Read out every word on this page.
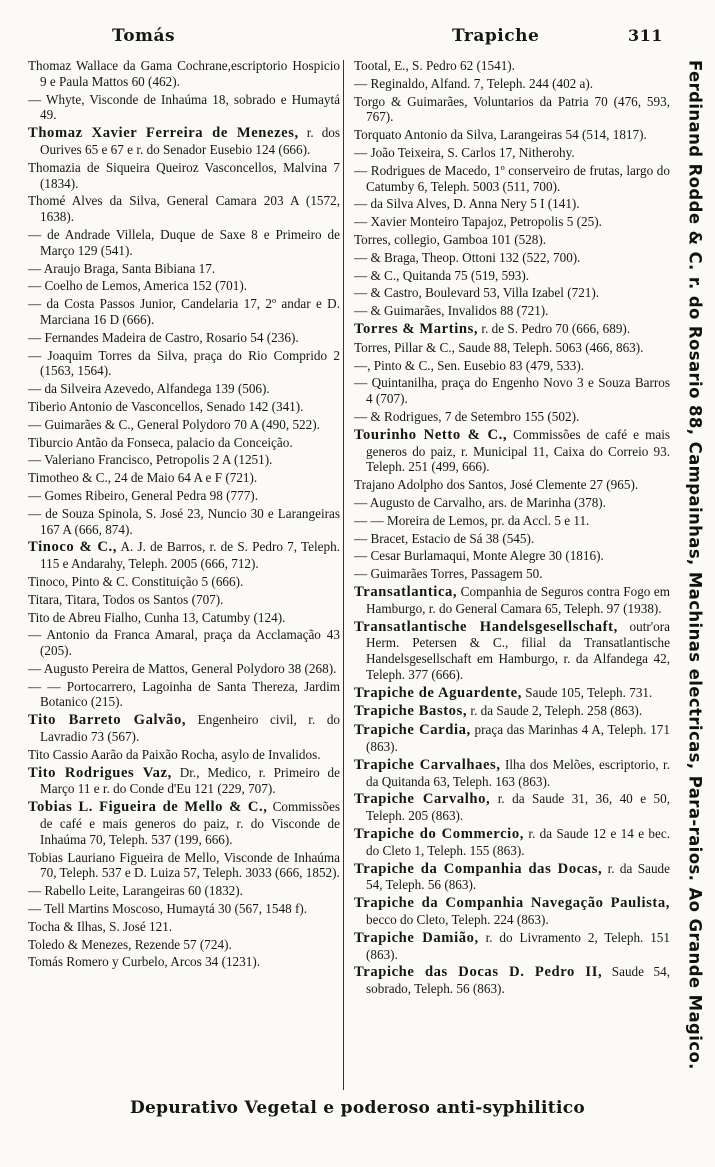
Tomás	Trapiche	311

Thomaz Wallace da Gama Cochrane,escriptorio Hospicio 9 e Paula Mattos 60 (462).

— Whyte, Visconde de Inhaúma 18, sobrado e Humaytá 49.

Thomaz Xavier Ferreira de Menezes, r. dos Ourives 65 e 67 e r. do Senador Eusebio 124 (666).

Thomazia de Siqueira Queiroz Vasconcellos, Malvina 7 (1834).

Thomé Alves da Silva, General Camara 203 A (1572, 1638).

— de Andrade Villela, Duque de Saxe 8 e Primeiro de Março 129 (541).

— Araujo Braga, Santa Bibiana 17.

— Coelho de Lemos, America 152 (701).

— da Costa Passos Junior, Candelaria 17, 2º andar e D. Marciana 16 D (666).

— Fernandes Madeira de Castro, Rosario 54 (236).

— Joaquim Torres da Silva, praça do Rio Comprido 2 (1563, 1564).

— da Silveira Azevedo, Alfandega 139 (506).

Tiberio Antonio de Vasconcellos, Senado 142 (341).

— Guimarães & C., General Polydoro 70 A (490, 522).

Tiburcio Antão da Fonseca, palacio da Conceição.

— Valeriano Francisco, Petropolis 2 A (1251).

Timotheo & C., 24 de Maio 64 A e F (721).

— Gomes Ribeiro, General Pedra 98 (777).

— de Souza Spinola, S. José 23, Nuncio 30 e Larangeiras 167 A (666, 874).

Tinoco & C., A. J. de Barros, r. de S. Pedro 7, Teleph. 115 e Andarahy, Teleph. 2005 (666, 712).

Tinoco, Pinto & C. Constituição 5 (666).

Titara, Titara, Todos os Santos (707).

Tito de Abreu Fialho, Cunha 13, Catumby (124).

— Antonio da Franca Amaral, praça da Acclamação 43 (205).

— Augusto Pereira de Mattos, General Polydoro 38 (268).

— — Portocarrero, Lagoinha de Santa Thereza, Jardim Botanico (215).

Tito Barreto Galvão, Engenheiro civil, r. do Lavradio 73 (567).

Tito Cassio Aarão da Paixão Rocha, asylo de Invalidos.

Tito Rodrigues Vaz, Dr., Medico, r. Primeiro de Março 11 e r. do Conde d'Eu 121 (229, 707).

Tobias L. Figueira de Mello & C., Commissões de café e mais generos do paiz, r. do Visconde de Inhaúma 70, Teleph. 537 (199, 666).

Tobias Lauriano Figueira de Mello, Visconde de Inhaúma 70, Teleph. 537 e D. Luiza 57, Teleph. 3033 (666, 1852).

— Rabello Leite, Larangeiras 60 (1832).

— Tell Martins Moscoso, Humaytá 30 (567, 1548 f).

Tocha & Ilhas, S. José 121.

Toledo & Menezes, Rezende 57 (724).

Tomás Romero y Curbelo, Arcos 34 (1231).

Tootal, E., S. Pedro 62 (1541).

— Reginaldo, Alfand. 7, Teleph. 244 (402 a).

Torgo & Guimarães, Voluntarios da Patria 70 (476, 593, 767).

Torquato Antonio da Silva, Larangeiras 54 (514, 1817).

— João Teixeira, S. Carlos 17, Nitherohy.

— Rodrigues de Macedo, 1º conserveiro de frutas, largo do Catumby 6, Teleph. 5003 (511, 700).

— da Silva Alves, D. Anna Nery 5 I (141).

— Xavier Monteiro Tapajoz, Petropolis 5 (25).

Torres, collegio, Gamboa 101 (528).

— & Braga, Theop. Ottoni 132 (522, 700).

— & C., Quitanda 75 (519, 593).

— & Castro, Boulevard 53, Villa Izabel (721).

— & Guimarães, Invalidos 88 (721).

Torres & Martins, r. de S. Pedro 70 (666, 689).

Torres, Pillar & C., Saude 88, Teleph. 5063 (466, 863).

—, Pinto & C., Sen. Eusebio 83 (479, 533).

— Quintanilha, praça do Engenho Novo 3 e Souza Barros 4 (707).

— & Rodrigues, 7 de Setembro 155 (502).

Tourinho Netto & C., Commissões de café e mais generos do paiz, r. Municipal 11, Caixa do Correio 93. Teleph. 251 (499, 666).

Trajano Adolpho dos Santos, José Clemente 27 (965).

— Augusto de Carvalho, ars. de Marinha (378).

— — Moreira de Lemos, pr. da Accl. 5 e 11.

— Bracet, Estacio de Sá 38 (545).

— Cesar Burlamaqui, Monte Alegre 30 (1816).

— Guimarães Torres, Passagem 50.

Transatlantica, Companhia de Seguros contra Fogo em Hamburgo, r. do General Camara 65, Teleph. 97 (1938).

Transatlantische Handelsgesellschaft, outr'ora Herm. Petersen & C., filial da Transatlantische Handelsgesellschaft em Hamburgo, r. da Alfandega 42, Teleph. 377 (666).

Trapiche de Aguardente, Saude 105, Teleph. 731.

Trapiche Bastos, r. da Saude 2, Teleph. 258 (863).

Trapiche Cardia, praça das Marinhas 4 A, Teleph. 171 (863).

Trapiche Carvalhaes, Ilha dos Melões, escriptorio, r. da Quitanda 63, Teleph. 163 (863).

Trapiche Carvalho, r. da Saude 31, 36, 40 e 50, Teleph. 205 (863).

Trapiche do Commercio, r. da Saude 12 e 14 e bec. do Cleto 1, Teleph. 155 (863).

Trapiche da Companhia das Docas, r. da Saude 54, Teleph. 56 (863).

Trapiche da Companhia Navegação Paulista, becco do Cleto, Teleph. 224 (863).

Trapiche Damião, r. do Livramento 2, Teleph. 151 (863).

Trapiche das Docas D. Pedro II, Saude 54, sobrado, Teleph. 56 (863).	Ferdinand Rodde & C. r. do Rosario 88, Campainhas, Machinas electricas, Para-raios. Ao Grande Magico.
Depurativo Vegetal e poderoso anti-syphilitico
